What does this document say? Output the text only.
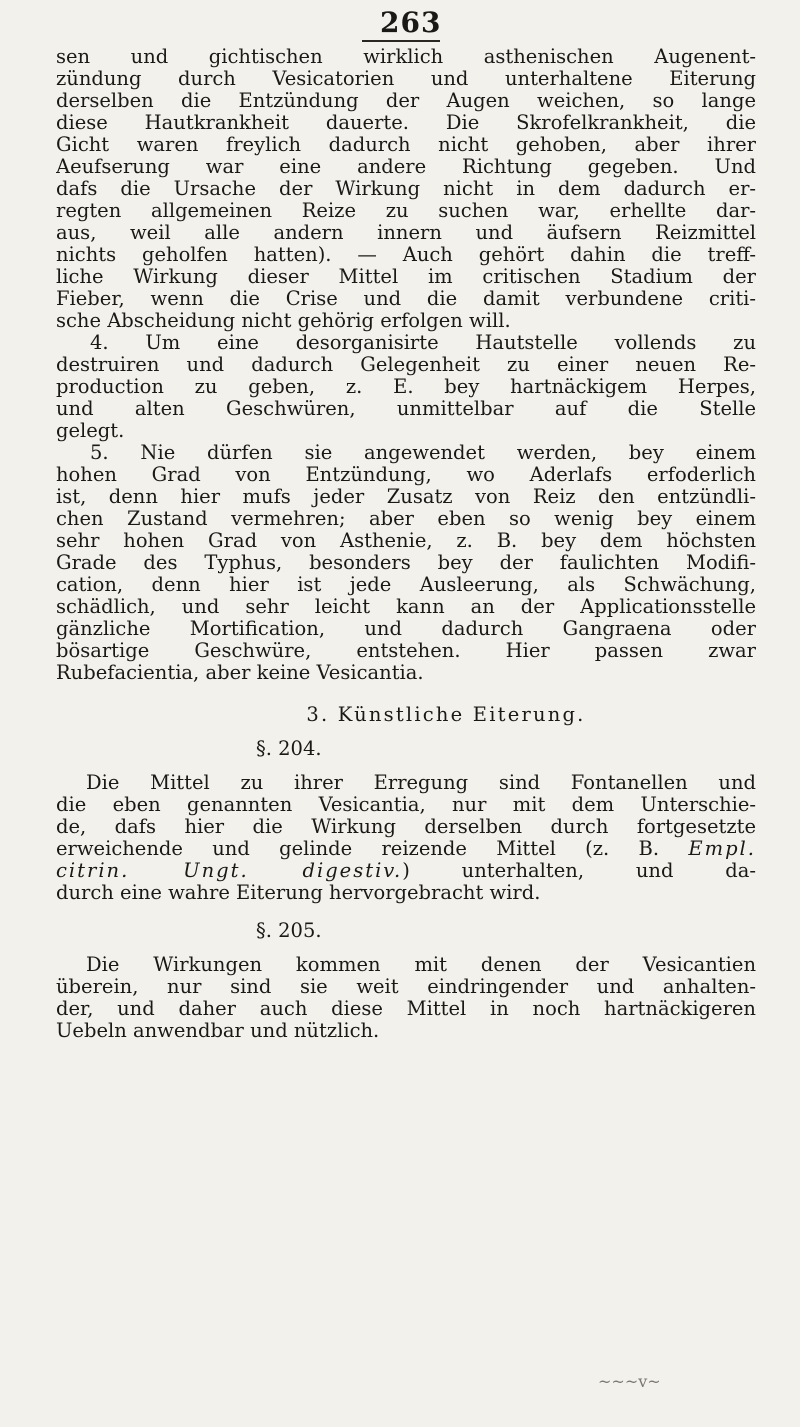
263
sen und gichtischen wirklich asthenischen Augenent-
zündung durch Vesicatorien und unterhaltene Eiterung
derselben die Entzündung der Augen weichen, so lange
diese Hautkrankheit dauerte. Die Skrofelkrankheit, die
Gicht waren freylich dadurch nicht gehoben, aber ihrer
Aeufserung war eine andere Richtung gegeben. Und
dafs die Ursache der Wirkung nicht in dem dadurch er-
regten allgemeinen Reize zu suchen war, erhellte dar-
aus, weil alle andern innern und äufsern Reizmittel
nichts geholfen hatten). — Auch gehört dahin die treff-
liche Wirkung dieser Mittel im critischen Stadium der
Fieber, wenn die Crise und die damit verbundene criti-
sche Abscheidung nicht gehörig erfolgen will.
4. Um eine desorganisirte Hautstelle vollends zu
destruiren und dadurch Gelegenheit zu einer neuen Re-
production zu geben, z. E. bey hartnäckigem Herpes,
und alten Geschwüren, unmittelbar auf die Stelle
gelegt.
5. Nie dürfen sie angewendet werden, bey einem
hohen Grad von Entzündung, wo Aderlafs erfoderlich
ist, denn hier mufs jeder Zusatz von Reiz den entzündli-
chen Zustand vermehren; aber eben so wenig bey einem
sehr hohen Grad von Asthenie, z. B. bey dem höchsten
Grade des Typhus, besonders bey der faulichten Modifi-
cation, denn hier ist jede Ausleerung, als Schwächung,
schädlich, und sehr leicht kann an der Applicationsstelle
gänzliche Mortification, und dadurch Gangraena oder
bösartige Geschwüre, entstehen. Hier passen zwar
Rubefacientia, aber keine Vesicantia.
3. Künstliche Eiterung.
§. 204.
Die Mittel zu ihrer Erregung sind Fontanellen und
die eben genannten Vesicantia, nur mit dem Unterschie-
de, dafs hier die Wirkung derselben durch fortgesetzte
erweichende und gelinde reizende Mittel (z. B. Empl.
citrin. Ungt. digestiv.) unterhalten, und da-
durch eine wahre Eiterung hervorgebracht wird.
§. 205.
Die Wirkungen kommen mit denen der Vesicantien
überein, nur sind sie weit eindringender und anhalten-
der, und daher auch diese Mittel in noch hartnäckigeren
Uebeln anwendbar und nützlich.
~~~v~
